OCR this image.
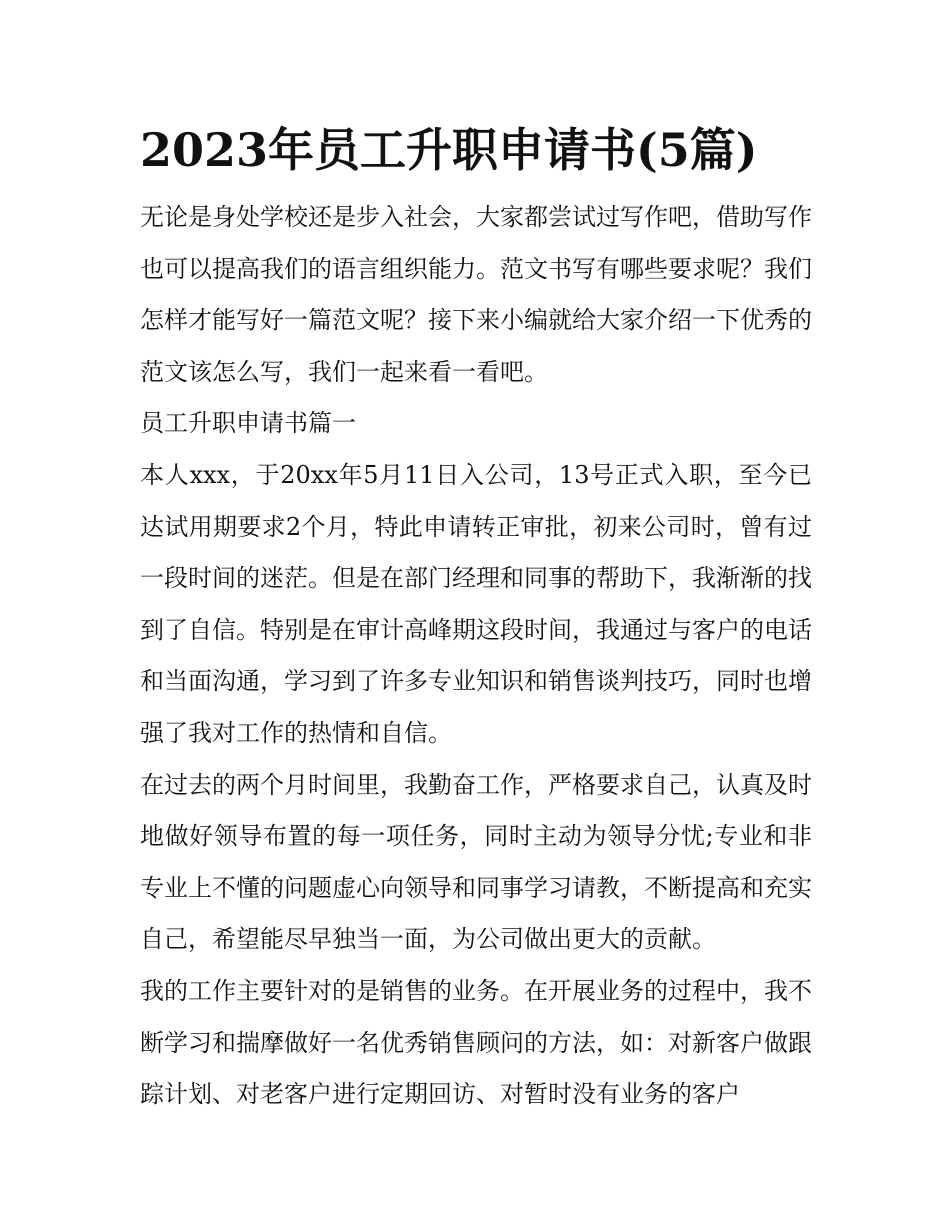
2023年员工升职申请书(5篇)

无论是身处学校还是步入社会，大家都尝试过写作吧，借助写作也可以提高我们的语言组织能力。范文书写有哪些要求呢？我们怎样才能写好一篇范文呢？接下来小编就给大家介绍一下优秀的范文该怎么写，我们一起来看一看吧。

员工升职申请书篇一

本人xxx，于20xx年5月11日入公司，13号正式入职，至今已达试用期要求2个月，特此申请转正审批，初来公司时，曾有过一段时间的迷茫。但是在部门经理和同事的帮助下，我渐渐的找到了自信。特别是在审计高峰期这段时间，我通过与客户的电话和当面沟通，学习到了许多专业知识和销售谈判技巧，同时也增强了我对工作的热情和自信。

在过去的两个月时间里，我勤奋工作，严格要求自己，认真及时地做好领导布置的每一项任务，同时主动为领导分忧;专业和非专业上不懂的问题虚心向领导和同事学习请教，不断提高和充实自己，希望能尽早独当一面，为公司做出更大的贡献。

我的工作主要针对的是销售的业务。在开展业务的过程中，我不断学习和揣摩做好一名优秀销售顾问的方法，如：对新客户做跟踪计划、对老客户进行定期回访、对暂时没有业务的客户
